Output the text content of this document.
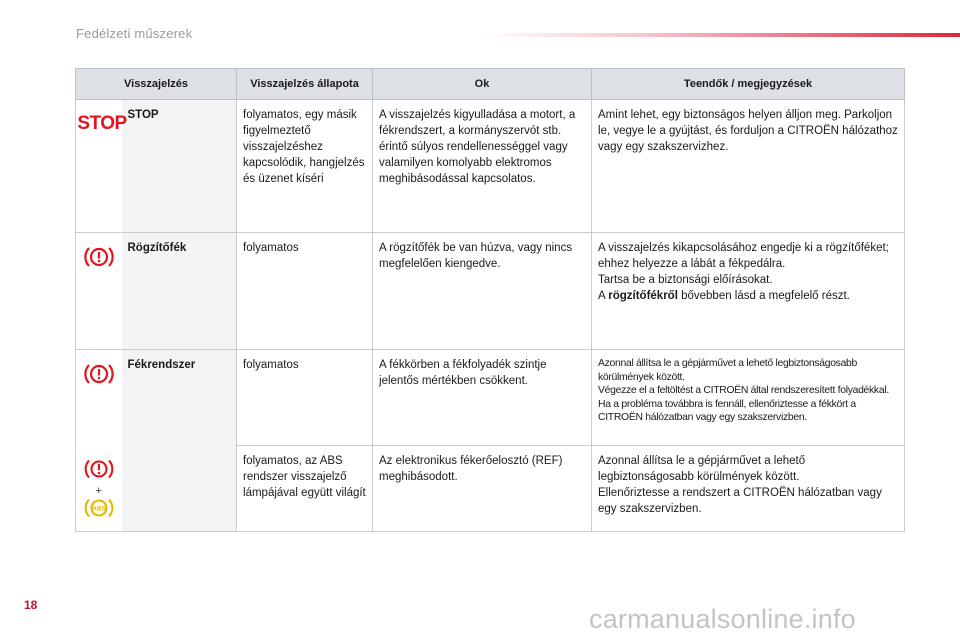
Fedélzeti műszerek
Visszajelzés		Visszajelzés állapota	Ok	Teendők / megjegyzések

STOP	STOP	folyamatos, egy másik figyelmeztető visszajelzéshez kapcsolódik, hangjelzés és üzenet kíséri	A visszajelzés kigyulladása a motort, a fékrendszert, a kormányszervót stb. érintő súlyos rendellenességgel vagy valamilyen komolyabb elektromos meghibásodással kapcsolatos.	Amint lehet, egy biztonságos helyen álljon meg. Parkoljon le, vegye le a gyújtást, és forduljon a CITROËN hálózathoz vagy egy szakszervizhez.
	Rögzítőfék	folyamatos	A rögzítőfék be van húzva, vagy nincs megfelelően kiengedve.	A visszajelzés kikapcsolásához engedje ki a rögzítőféket; ehhez helyezze a lábát a fékpedálra.
Tartsa be a biztonsági előírásokat.
A rögzítőfékről bővebben lásd a megfelelő részt.
	Fékrendszer	folyamatos	A fékkörben a fékfolyadék szintje jelentős mértékben csökkent.	Azonnal állítsa le a gépjárművet a lehető legbiztonságosabb körülmények között.
Végezze el a feltöltést a CITROËN által rendszeresített folyadékkal.
Ha a probléma továbbra is fennáll, ellenőriztesse a fékkört a CITROËN hálózatban vagy egy szakszervizben.

+
ABS		folyamatos, az ABS rendszer visszajelző lámpájával együtt világít	Az elektronikus fékerőelosztó (REF) meghibásodott.	Azonnal állítsa le a gépjárművet a lehető legbiztonságosabb körülmények között.
Ellenőriztesse a rendszert a CITROËN hálózatban vagy egy szakszervizben.
18	carmanualsonline.info
